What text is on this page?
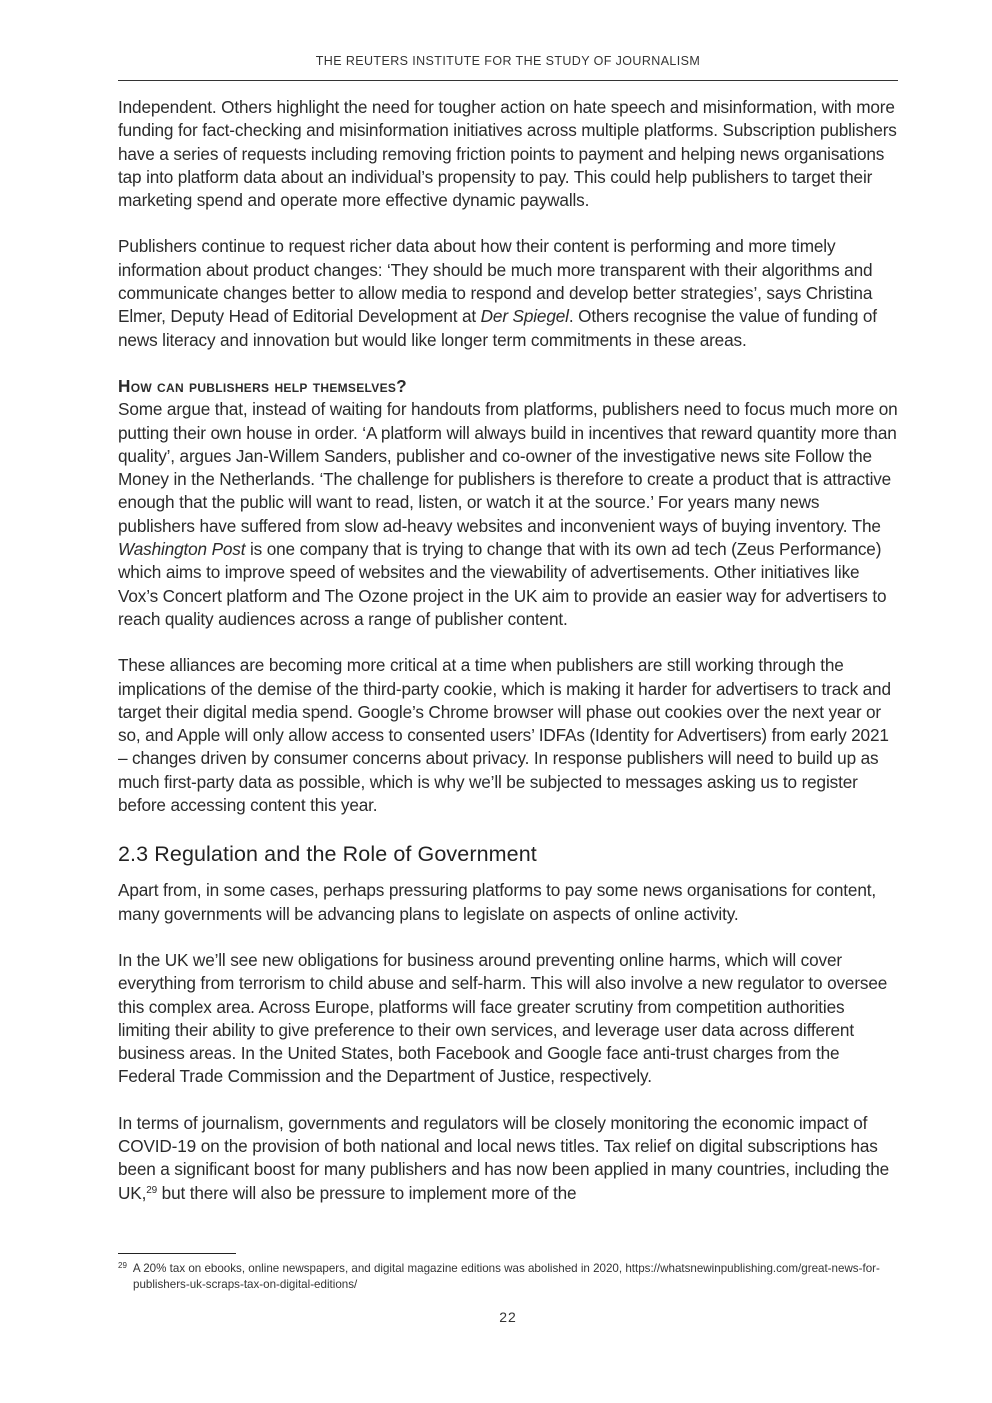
THE REUTERS INSTITUTE FOR THE STUDY OF JOURNALISM

Independent. Others highlight the need for tougher action on hate speech and misinformation, with more funding for fact-checking and misinformation initiatives across multiple platforms. Subscription publishers have a series of requests including removing friction points to payment and helping news organisations tap into platform data about an individual’s propensity to pay. This could help publishers to target their marketing spend and operate more effective dynamic paywalls.

Publishers continue to request richer data about how their content is performing and more timely information about product changes: ‘They should be much more transparent with their algorithms and communicate changes better to allow media to respond and develop better strategies’, says Christina Elmer, Deputy Head of Editorial Development at Der Spiegel. Others recognise the value of funding of news literacy and innovation but would like longer term commitments in these areas.

How can publishers help themselves?

Some argue that, instead of waiting for handouts from platforms, publishers need to focus much more on putting their own house in order. ‘A platform will always build in incentives that reward quantity more than quality’, argues Jan-Willem Sanders, publisher and co-owner of the investigative news site Follow the Money in the Netherlands. ‘The challenge for publishers is therefore to create a product that is attractive enough that the public will want to read, listen, or watch it at the source.’ For years many news publishers have suffered from slow ad-heavy websites and inconvenient ways of buying inventory. The Washington Post is one company that is trying to change that with its own ad tech (Zeus Performance) which aims to improve speed of websites and the viewability of advertisements. Other initiatives like Vox’s Concert platform and The Ozone project in the UK aim to provide an easier way for advertisers to reach quality audiences across a range of publisher content.

These alliances are becoming more critical at a time when publishers are still working through the implications of the demise of the third-party cookie, which is making it harder for advertisers to track and target their digital media spend. Google’s Chrome browser will phase out cookies over the next year or so, and Apple will only allow access to consented users’ IDFAs (Identity for Advertisers) from early 2021 – changes driven by consumer concerns about privacy. In response publishers will need to build up as much first-party data as possible, which is why we’ll be subjected to messages asking us to register before accessing content this year.

2.3 Regulation and the Role of Government

Apart from, in some cases, perhaps pressuring platforms to pay some news organisations for content, many governments will be advancing plans to legislate on aspects of online activity.

In the UK we’ll see new obligations for business around preventing online harms, which will cover everything from terrorism to child abuse and self-harm. This will also involve a new regulator to oversee this complex area. Across Europe, platforms will face greater scrutiny from competition authorities limiting their ability to give preference to their own services, and leverage user data across different business areas. In the United States, both Facebook and Google face anti-trust charges from the Federal Trade Commission and the Department of Justice, respectively.

In terms of journalism, governments and regulators will be closely monitoring the economic impact of COVID-19 on the provision of both national and local news titles. Tax relief on digital subscriptions has been a significant boost for many publishers and has now been applied in many countries, including the UK,$^{29}$ but there will also be pressure to implement more of the

$^{29}$ A 20% tax on ebooks, online newspapers, and digital magazine editions was abolished in 2020, https://whatsnewinpublishing.com/great-news-for-publishers-uk-scraps-tax-on-digital-editions/
22
